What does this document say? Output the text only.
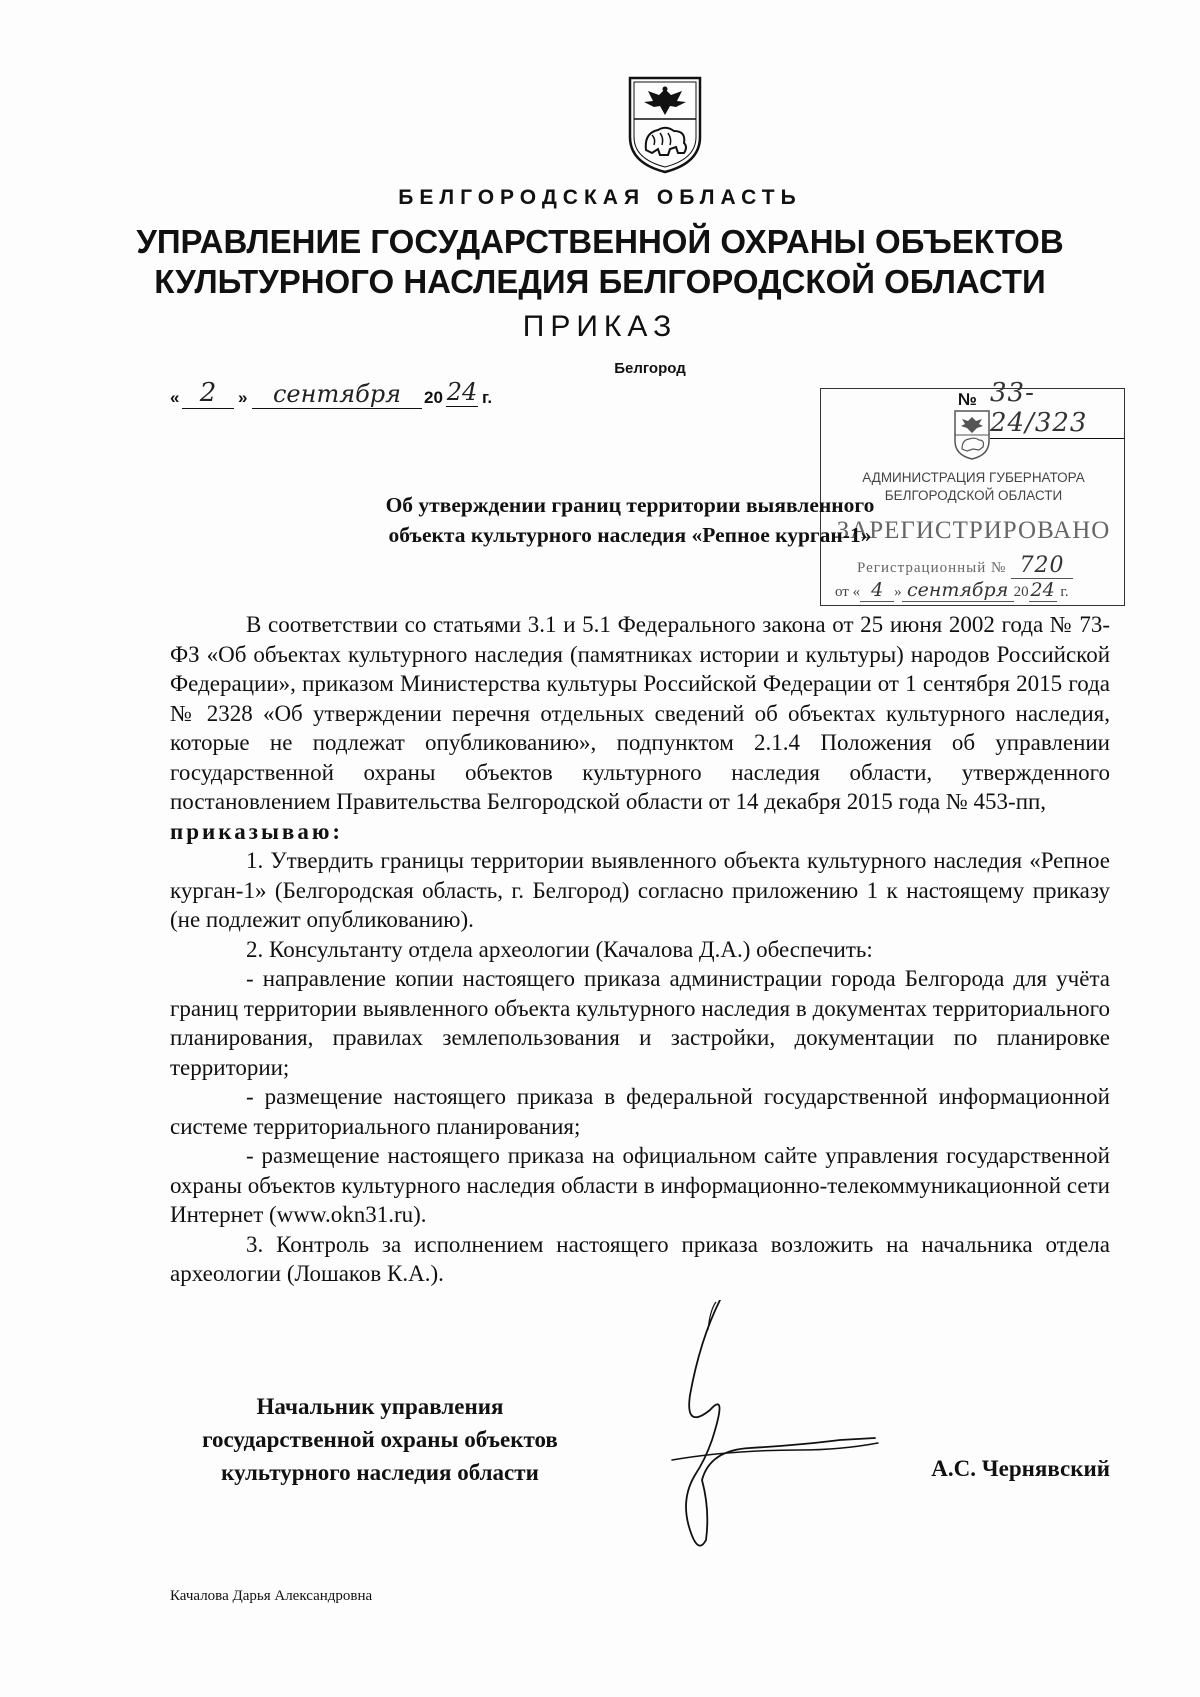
БЕЛГОРОДСКАЯ ОБЛАСТЬ
УПРАВЛЕНИЕ ГОСУДАРСТВЕННОЙ ОХРАНЫ ОБЪЕКТОВ
КУЛЬТУРНОГО НАСЛЕДИЯ БЕЛГОРОДСКОЙ ОБЛАСТИ
ПРИКАЗ
Белгород
« 2	»	сентября	20 24 г.
АДМИНИСТРАЦИЯ ГУБЕРНАТОРА
БЕЛГОРОДСКОЙ ОБЛАСТИ
ЗАРЕГИСТРИРОВАНО
Регистрационный № 720
от « 4 » сентября 20 24 г.
№ 33-24/323
Об утверждении границ территории выявленного
объекта культурного наследия «Репное курган-1»

В соответствии со статьями 3.1 и 5.1 Федерального закона от 25 июня 2002 года № 73-ФЗ «Об объектах культурного наследия (памятниках истории и культуры) народов Российской Федерации», приказом Министерства культуры Российской Федерации от 1 сентября 2015 года № 2328 «Об утверждении перечня отдельных сведений об объектах культурного наследия, которые не подлежат опубликованию», подпунктом 2.1.4 Положения об управлении государственной охраны объектов культурного наследия области, утвержденного постановлением Правительства Белгородской области от 14 декабря 2015 года № 453-пп,

приказываю:

1. Утвердить границы территории выявленного объекта культурного наследия «Репное курган-1» (Белгородская область, г. Белгород) согласно приложению 1 к настоящему приказу (не подлежит опубликованию).

2. Консультанту отдела археологии (Качалова Д.А.) обеспечить:

- направление копии настоящего приказа администрации города Белгорода для учёта границ территории выявленного объекта культурного наследия в документах территориального планирования, правилах землепользования и застройки, документации по планировке территории;

- размещение настоящего приказа в федеральной государственной информационной системе территориального планирования;

- размещение настоящего приказа на официальном сайте управления государственной охраны объектов культурного наследия области в информационно-телекоммуникационной сети Интернет (www.okn31.ru).

3. Контроль за исполнением настоящего приказа возложить на начальника отдела археологии (Лошаков К.А.).

Начальник управления
государственной охраны объектов
культурного наследия области	А.С. Чернявский
Качалова Дарья Александровна
